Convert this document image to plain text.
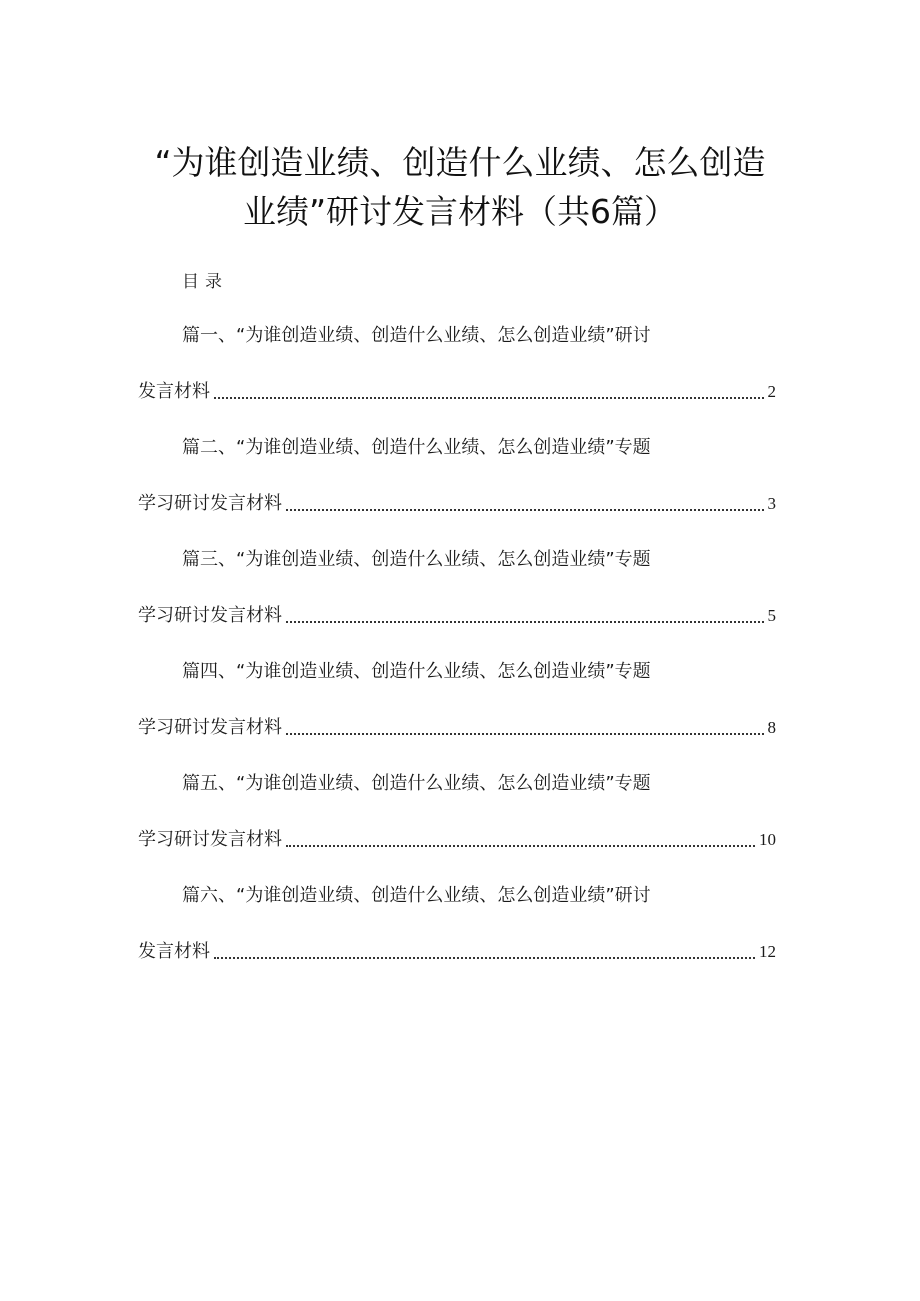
“为谁创造业绩、创造什么业绩、怎么创造
业绩”研讨发言材料（共6篇）
目录
篇一、“为谁创造业绩、创造什么业绩、怎么创造业绩”研讨
发言材料	2
篇二、“为谁创造业绩、创造什么业绩、怎么创造业绩”专题
学习研讨发言材料	3
篇三、“为谁创造业绩、创造什么业绩、怎么创造业绩”专题
学习研讨发言材料	5
篇四、“为谁创造业绩、创造什么业绩、怎么创造业绩”专题
学习研讨发言材料	8
篇五、“为谁创造业绩、创造什么业绩、怎么创造业绩”专题
学习研讨发言材料	10
篇六、“为谁创造业绩、创造什么业绩、怎么创造业绩”研讨
发言材料	12
